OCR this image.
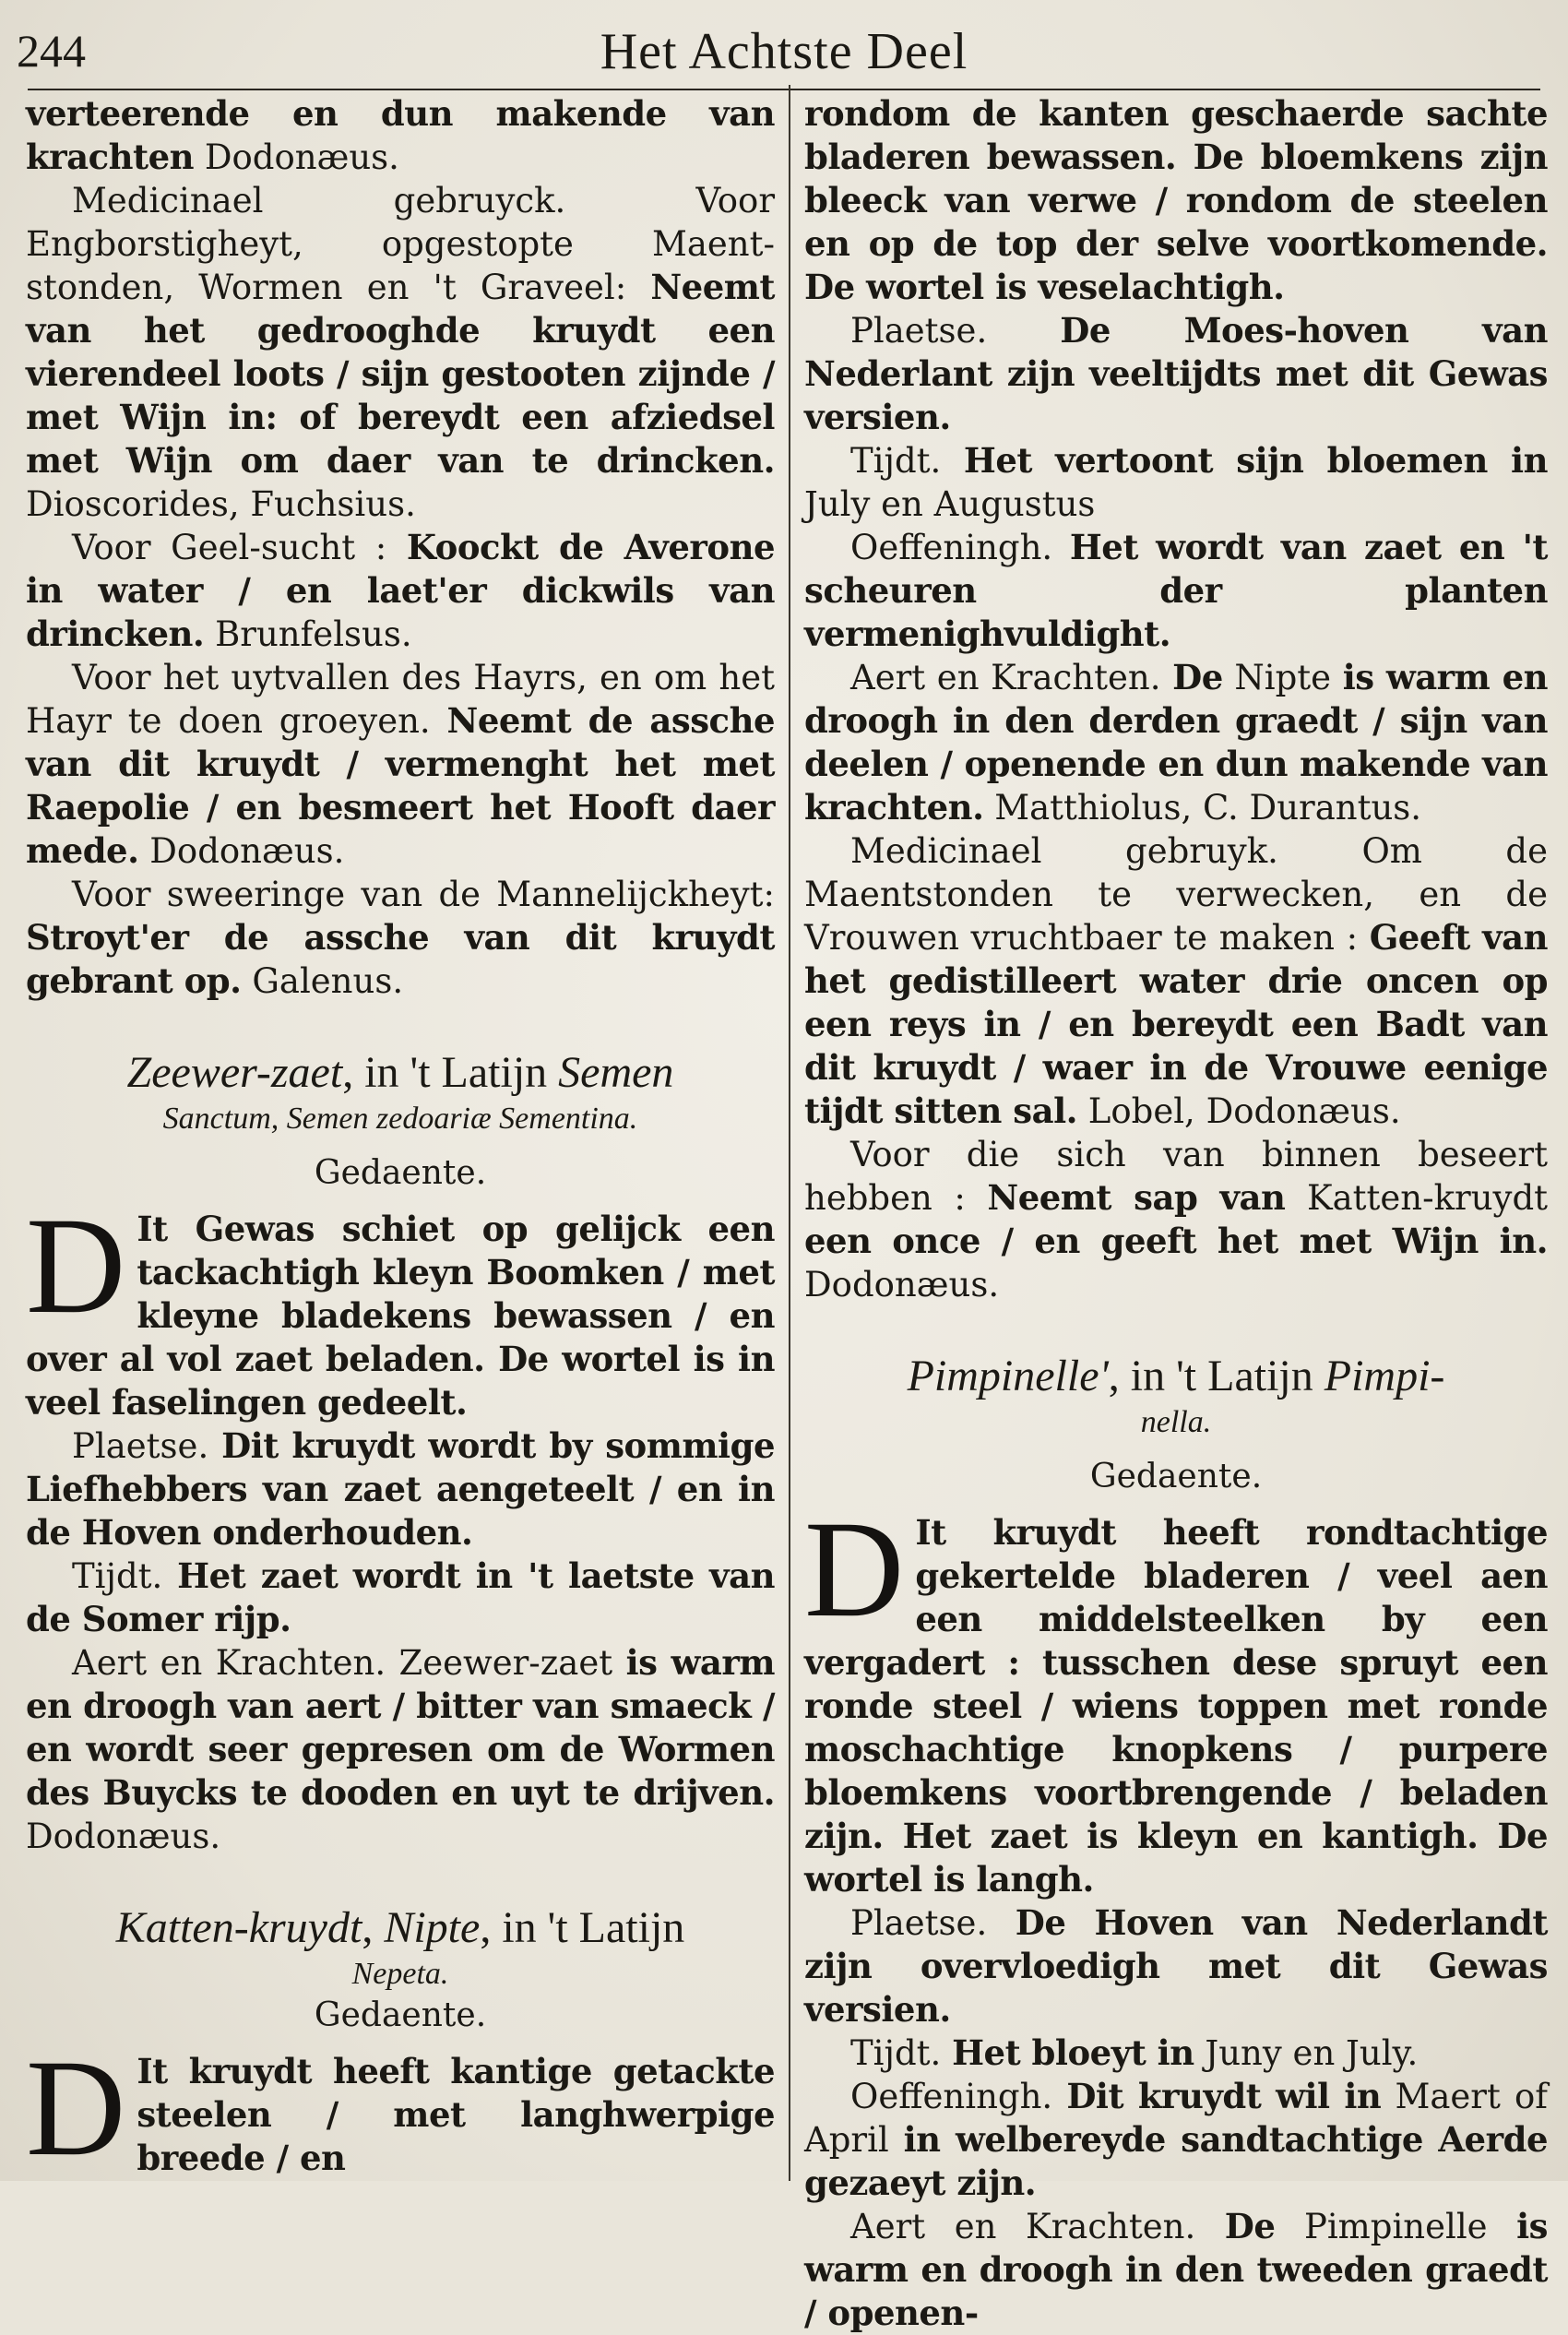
244	Het Achtste Deel

verteerende en dun makende van krachten Dodonæus.

Medicinael gebruyck.	Voor Engborstigheyt, opgestopte Maent-stonden, Wormen en 't Graveel: Neemt van het gedrooghde kruydt een vierendeel loots / sijn gestooten zijnde / met Wijn in: of bereydt een afziedsel met Wijn om daer van te drincken. Dioscorides, Fuchsius.

Voor Geel-sucht : Koockt de Averone in water / en laet'er dickwils van drincken. Brunfelsus.

Voor het uytvallen des Hayrs, en om het Hayr te doen groeyen. Neemt de assche van dit kruydt / vermenght het met Raepolie / en besmeert het Hooft daer mede. Dodonæus.

Voor sweeringe van de Mannelijckheyt: Stroyt'er de assche van dit kruydt gebrant op. Galenus.

Zeewer-zaet, in 't Latijn Semen

Sanctum, Semen zedoariæ Sementina.

Gedaente.

D It Gewas schiet op gelijck een tackachtigh kleyn Boomken / met kleyne bladekens bewassen / en over al vol zaet beladen. De wortel is in veel faselingen gedeelt.

Plaetse. Dit kruydt wordt by sommige Liefhebbers van zaet aengeteelt / en in de Hoven onderhouden.

Tijdt. Het zaet wordt in 't laetste van de Somer rijp.

Aert en Krachten. Zeewer-zaet is warm en droogh van aert / bitter van smaeck / en wordt seer gepresen om de Wormen des Buycks te dooden en uyt te drijven. Dodonæus.

Katten-kruydt, Nipte, in 't Latijn

Nepeta.

Gedaente.

D It kruydt heeft kantige getackte steelen / met langhwerpige breede / en

rondom de kanten geschaerde sachte bladeren bewassen. De bloemkens zijn bleeck van verwe / rondom de steelen en op de top der selve voortkomende. De wortel is veselachtigh.

Plaetse. De Moes-hoven van Nederlant zijn veeltijdts met dit Gewas versien.

Tijdt. Het vertoont sijn bloemen in July en Augustus

Oeffeningh. Het wordt van zaet en 't scheuren der planten vermenighvuldight.

Aert en Krachten. De Nipte is warm en droogh in den derden graedt / sijn van deelen / openende en dun makende van krachten. Matthiolus, C. Durantus.

Medicinael gebruyk. Om de Maentstonden te verwecken, en de Vrouwen vruchtbaer te maken : Geeft van het gedistilleert water drie oncen op een reys in / en bereydt een Badt van dit kruydt / waer in de Vrouwe eenige tijdt sitten sal. Lobel, Dodonæus.

Voor die sich van binnen beseert hebben : Neemt sap van Katten-kruydt een once / en geeft het met Wijn in. Dodonæus.

Pimpinelle', in 't Latijn Pimpi-

nella.

Gedaente.

D It kruydt heeft rondtachtige gekertelde bladeren / veel aen een middelsteelken by een vergadert : tusschen dese spruyt een ronde steel / wiens toppen met ronde moschachtige knopkens / purpere bloemkens voortbrengende / beladen zijn. Het zaet is kleyn en kantigh. De wortel is langh.

Plaetse. De Hoven van Nederlandt zijn overvloedigh met dit Gewas versien.

Tijdt. Het bloeyt in Juny en July.

Oeffeningh. Dit kruydt wil in Maert of April in welbereyde sandtachtige Aerde gezaeyt zijn.

Aert en Krachten. De Pimpinelle is warm en droogh in den tweeden graedt / openen-
